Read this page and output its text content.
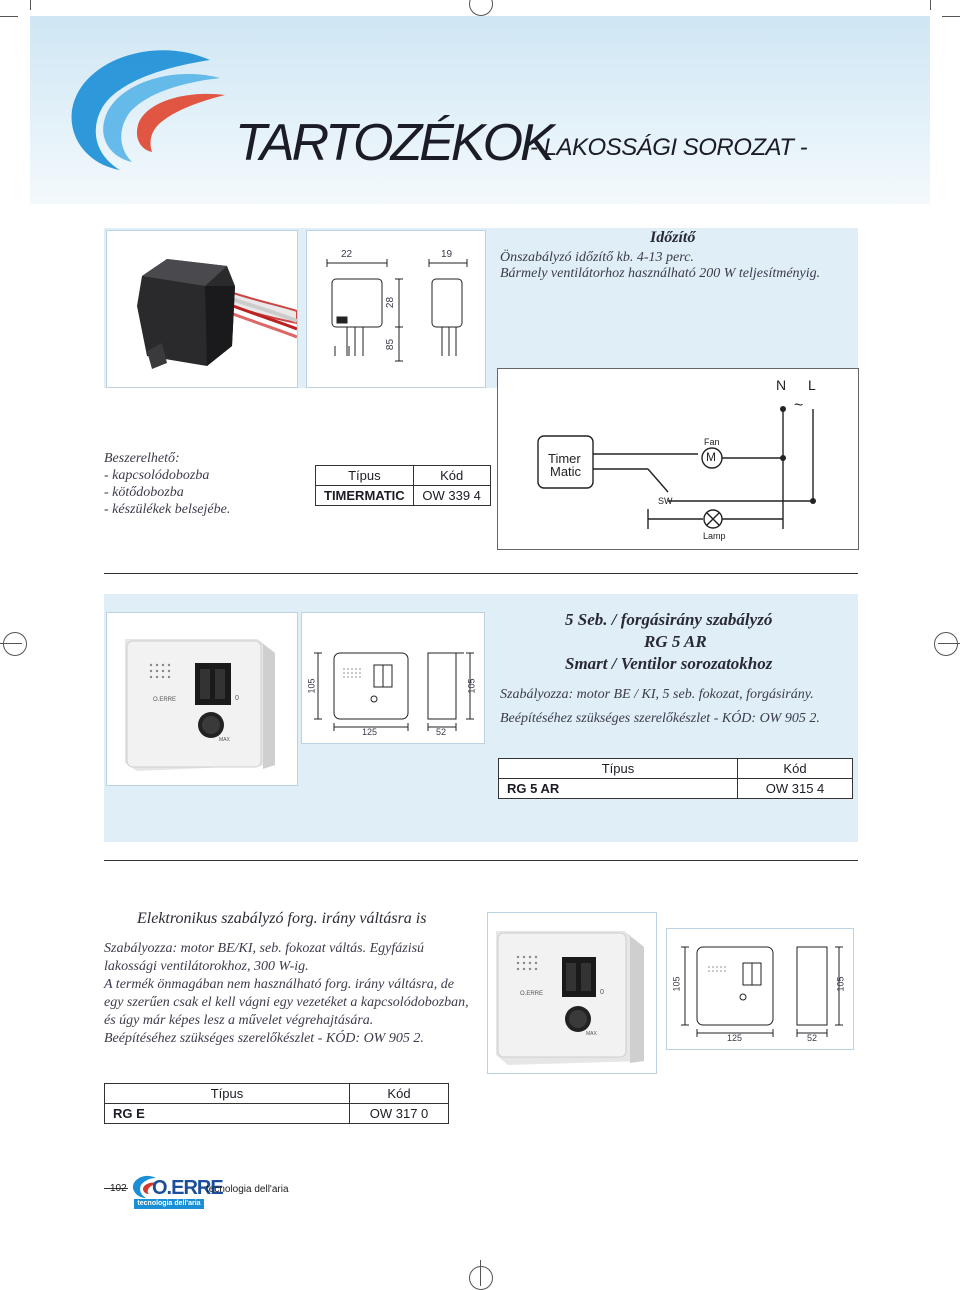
TARTOZÉKOK
- LAKOSSÁGI SOROZAT -
22	19
28
85
Időzítő
Önszabályzó időzítő kb. 4-13 perc.
Bármely ventilátorhoz használható 200 W teljesítményig.
Beszerelhető:
- kapcsolódobozba
- kötődobozba
- készülékek belsejébe.
Típus	Kód
TIMERMATIC	OW 339 4
N L
~
Timer
Matic
Fan
M
SW
Lamp
O.ERRE
MAX
0
105	105
125	52
5 Seb. / forgásirány szabályzó
RG 5 AR
Smart / Ventilor sorozatokhoz
Szabályozza: motor BE / KI, 5 seb. fokozat, forgásirány.
Beépítéséhez szükséges szerelőkészlet - KÓD: OW 905 2.
Típus	Kód
RG 5 AR	OW 315 4
Elektronikus szabályzó forg. irány váltásra is
Szabályozza: motor BE/KI, seb. fokozat váltás. Egyfázisú
lakossági ventilátorokhoz, 300 W-ig.
A termék önmagában nem használható forg. irány váltásra, de
egy szerűen csak el kell vágni egy vezetéket a kapcsolódobozban,
és úgy már képes lesz a művelet végrehajtására.
Beépítéséhez szükséges szerelőkészlet - KÓD: OW 905 2.
O.ERRE
MAX
0
105	105
125	52
Típus	Kód
RG E	OW 317 0
102 O.ERRE
tecnologia dell'aria
tecnologia dell'aria
